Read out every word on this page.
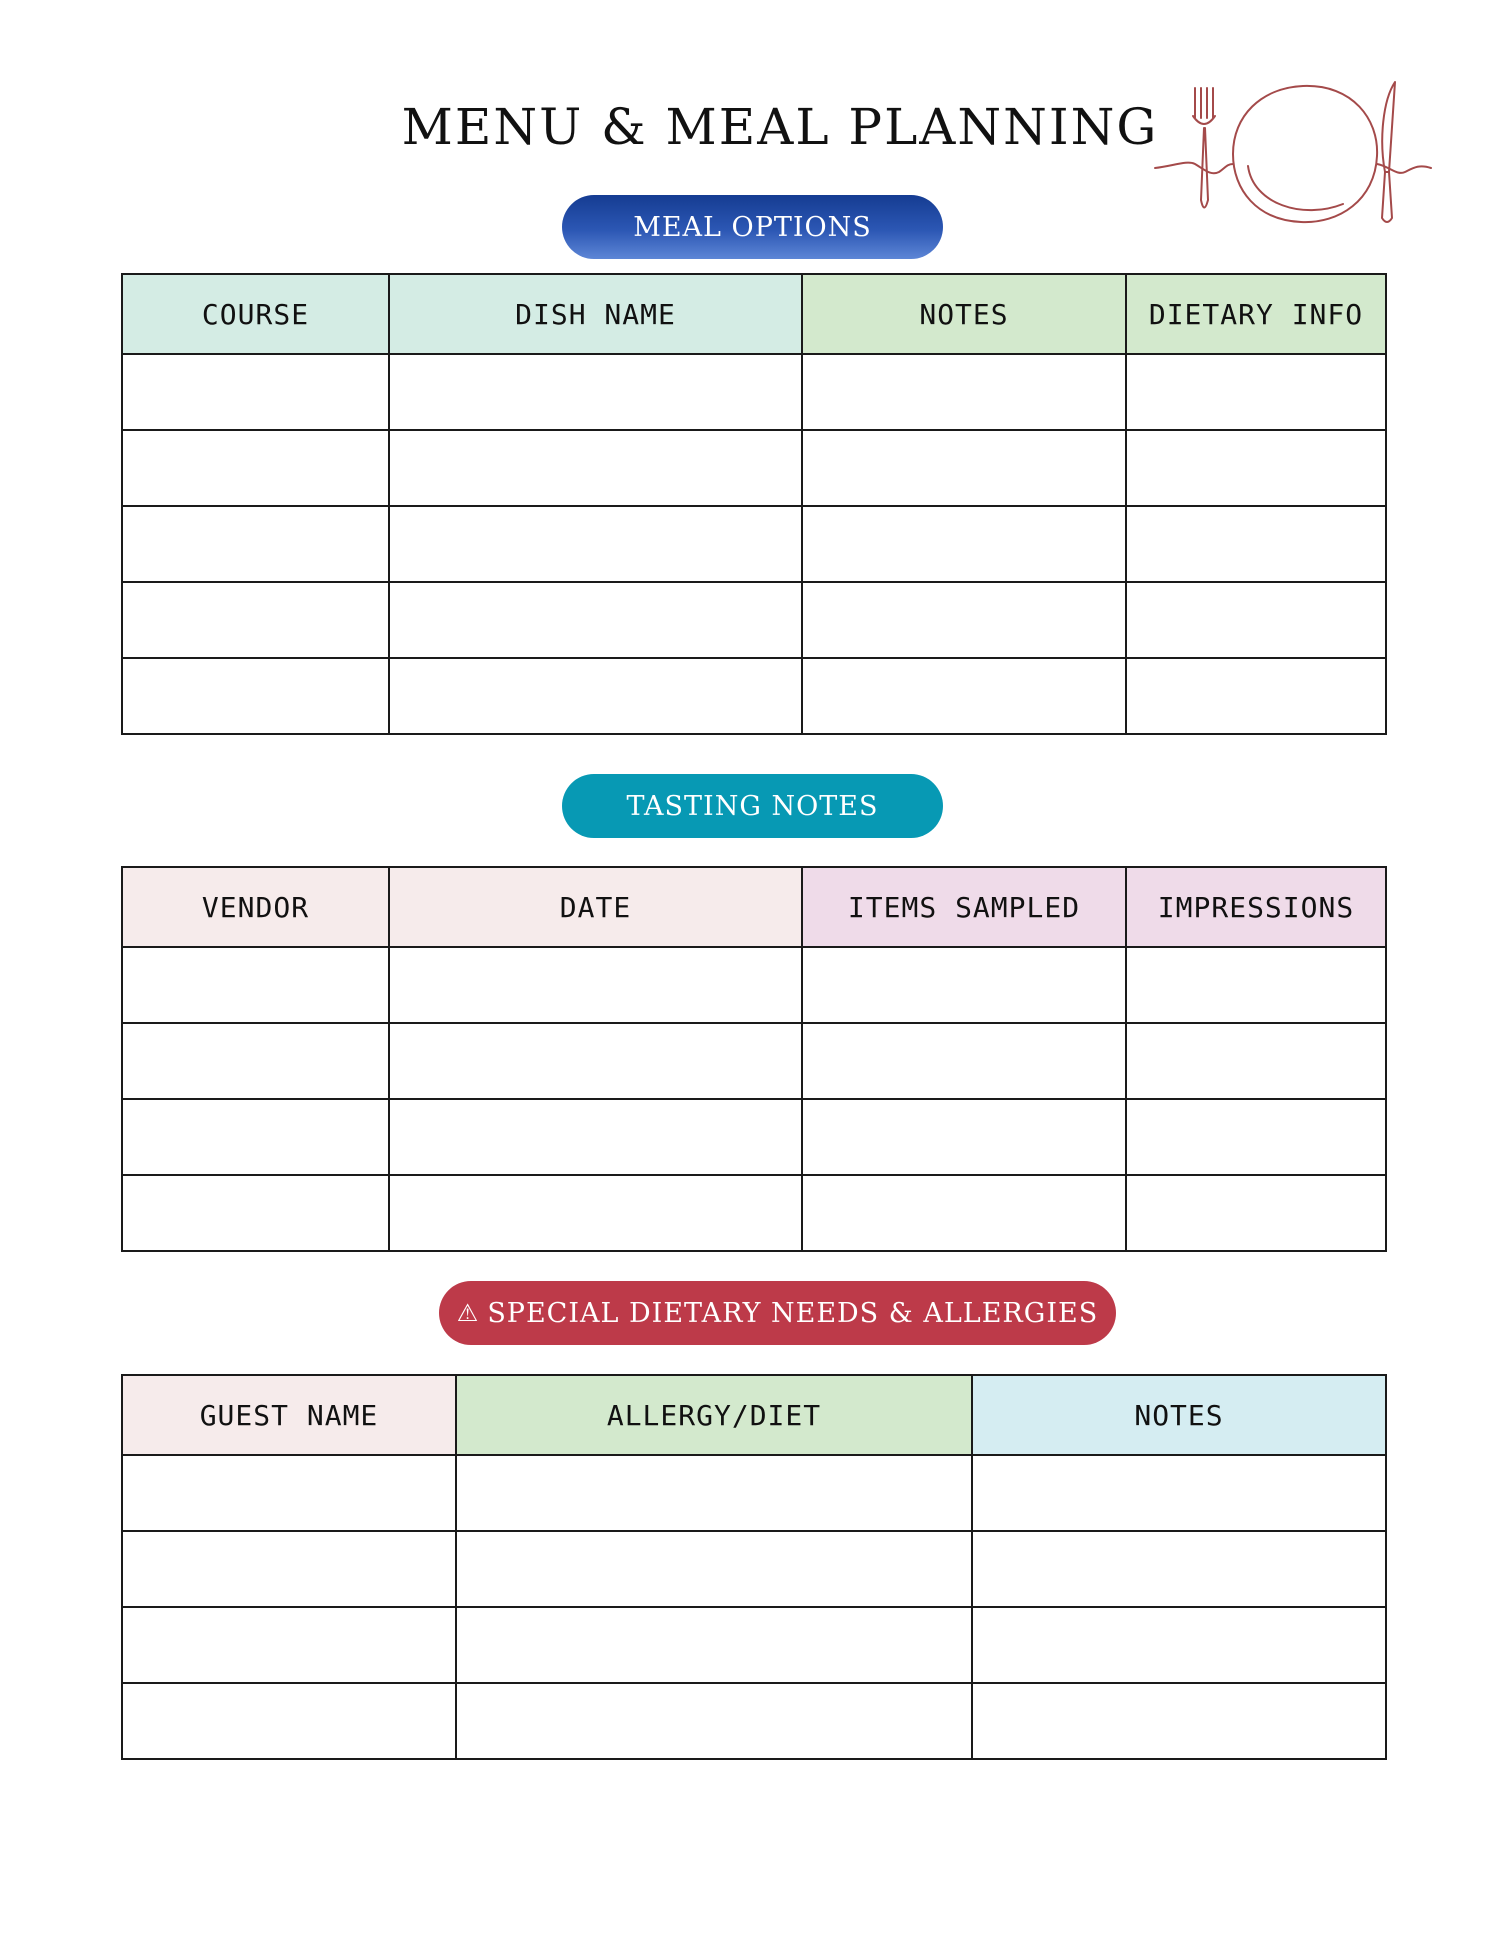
MENU & MEAL PLANNING
MEAL OPTIONS
COURSE	DISH NAME	NOTES	DIETARY INFO

TASTING NOTES
VENDOR	DATE	ITEMS SAMPLED	IMPRESSIONS

⚠ SPECIAL DIETARY NEEDS & ALLERGIES
GUEST NAME	ALLERGY/DIET	NOTES
